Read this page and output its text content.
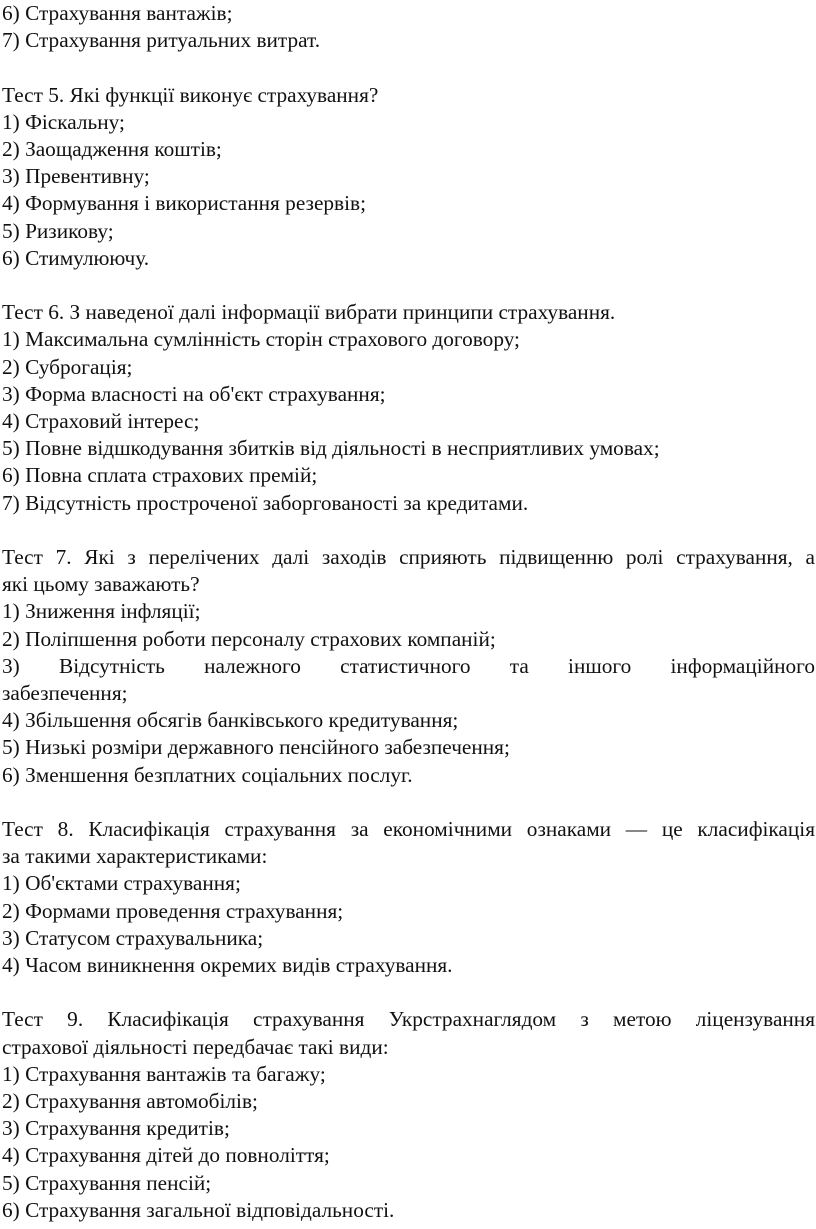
6) Страхування вантажів;
7) Страхування ритуальних витрат.
Тест 5. Які функції виконує страхування?
1) Фіскальну;
2) Заощадження коштів;
3) Превентивну;
4) Формування і використання резервів;
5) Ризикову;
6) Стимулюючу.
Тест 6. З наведеної далі інформації вибрати принципи страхування.
1) Максимальна сумлінність сторін страхового договору;
2) Суброгація;
3) Форма власності на об'єкт страхування;
4) Страховий інтерес;
5) Повне відшкодування збитків від діяльності в несприятливих умовах;
6) Повна сплата страхових премій;
7) Відсутність простроченої заборгованості за кредитами.
Тест 7. Які з перелічених далі заходів сприяють підвищенню ролі страхування, а
які цьому заважають?
1) Зниження інфляції;
2) Поліпшення роботи персоналу страхових компаній;
3) Відсутність належного статистичного та іншого інформаційного
забезпечення;
4) Збільшення обсягів банківського кредитування;
5) Низькі розміри державного пенсійного забезпечення;
6) Зменшення безплатних соціальних послуг.
Тест 8. Класифікація страхування за економічними ознаками — це класифікація
за такими характеристиками:
1) Об'єктами страхування;
2) Формами проведення страхування;
3) Статусом страхувальника;
4) Часом виникнення окремих видів страхування.
Тест 9. Класифікація страхування Укрстрахнаглядом з метою ліцензування
страхової діяльності передбачає такі види:
1) Страхування вантажів та багажу;
2) Страхування автомобілів;
3) Страхування кредитів;
4) Страхування дітей до повноліття;
5) Страхування пенсій;
6) Страхування загальної відповідальності.
